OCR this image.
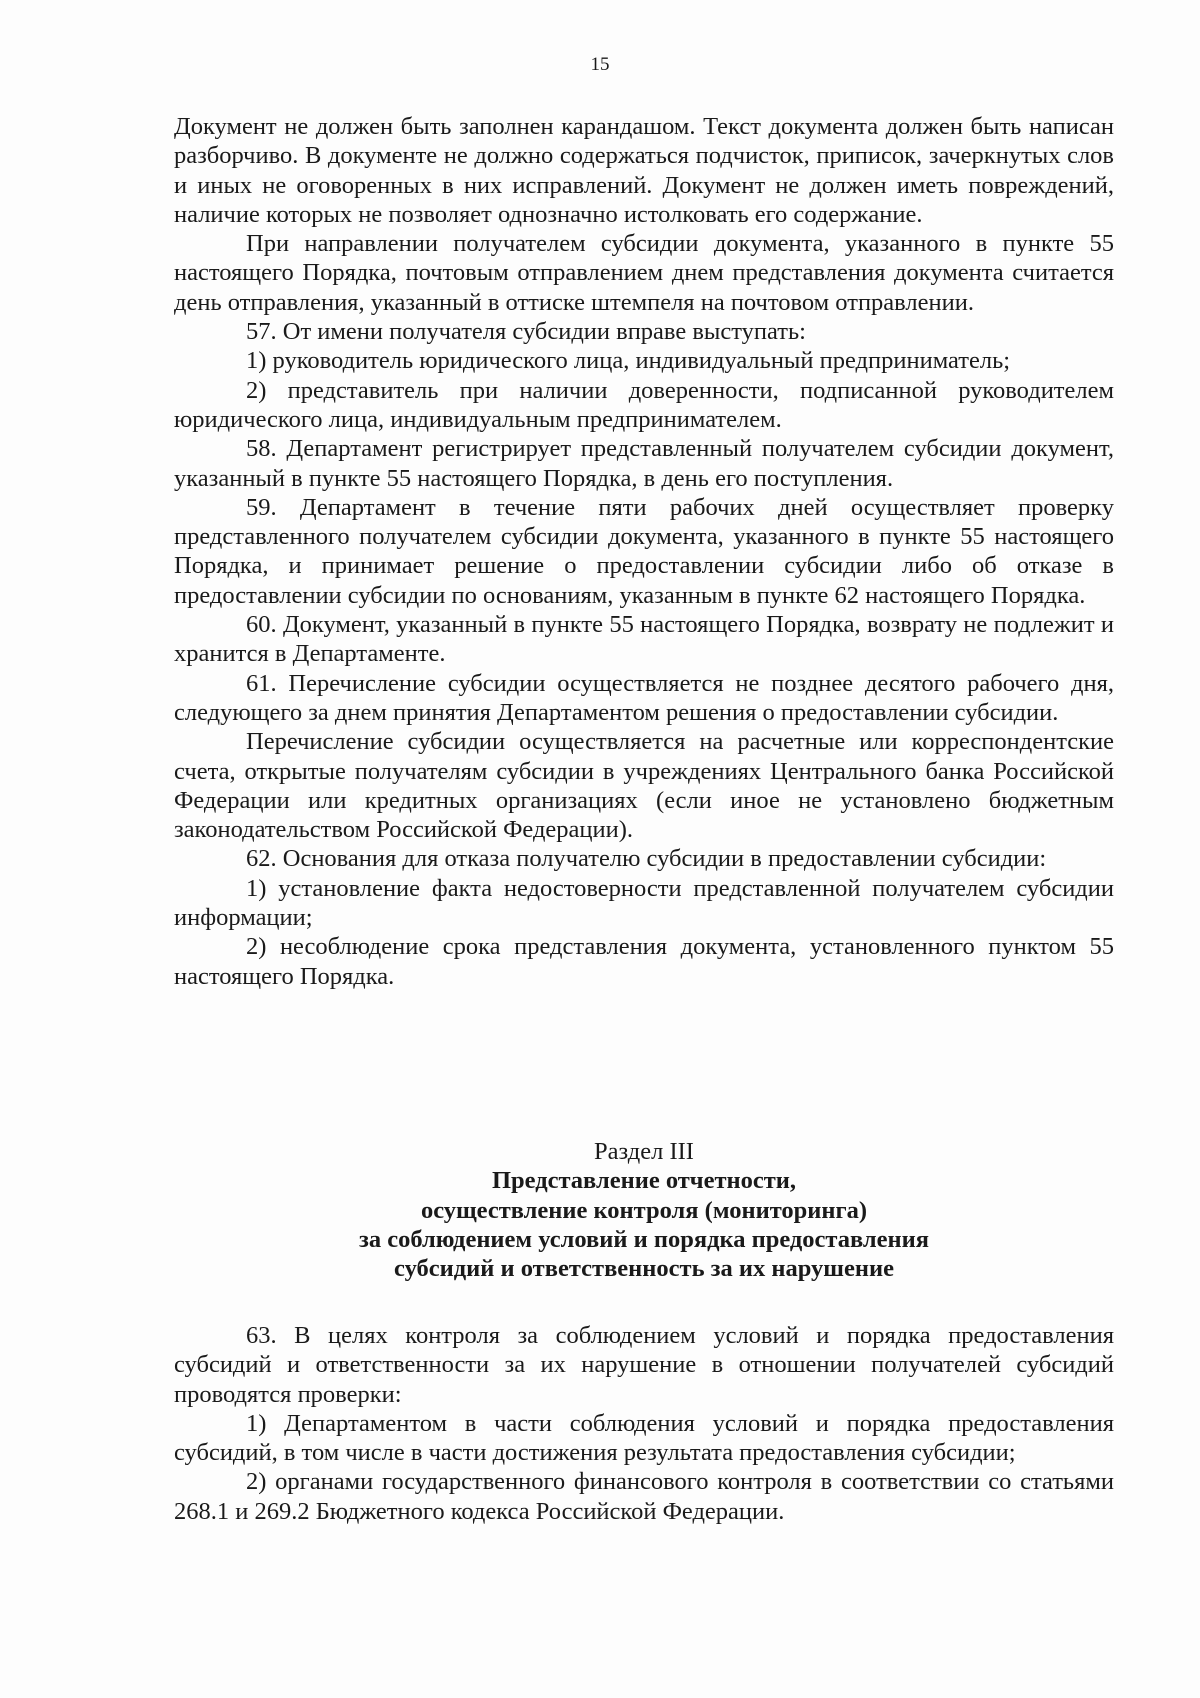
15

Документ не должен быть заполнен карандашом. Текст документа должен быть написан разборчиво. В документе не должно содержаться подчисток, приписок, зачеркнутых слов и иных не оговоренных в них исправлений. Документ не должен иметь повреждений, наличие которых не позволяет однозначно истолковать его содержание.

При направлении получателем субсидии документа, указанного в пункте 55 настоящего Порядка, почтовым отправлением днем представления документа считается день отправления, указанный в оттиске штемпеля на почтовом отправлении.

57. От имени получателя субсидии вправе выступать:

1) руководитель юридического лица, индивидуальный предприниматель;

2) представитель при наличии доверенности, подписанной руководителем юридического лица, индивидуальным предпринимателем.

58. Департамент регистрирует представленный получателем субсидии документ, указанный в пункте 55 настоящего Порядка, в день его поступления.

59. Департамент в течение пяти рабочих дней осуществляет проверку представленного получателем субсидии документа, указанного в пункте 55 настоящего Порядка, и принимает решение о предоставлении субсидии либо об отказе в предоставлении субсидии по основаниям, указанным в пункте 62 настоящего Порядка.

60. Документ, указанный в пункте 55 настоящего Порядка, возврату не подлежит и хранится в Департаменте.

61. Перечисление субсидии осуществляется не позднее десятого рабочего дня, следующего за днем принятия Департаментом решения о предоставлении субсидии.

Перечисление субсидии осуществляется на расчетные или корреспондентские счета, открытые получателям субсидии в учреждениях Центрального банка Российской Федерации или кредитных организациях (если иное не установлено бюджетным законодательством Российской Федерации).

62. Основания для отказа получателю субсидии в предоставлении субсидии:

1) установление факта недостоверности представленной получателем субсидии информации;

2) несоблюдение срока представления документа, установленного пунктом 55 настоящего Порядка.

Раздел III

Представление отчетности,

осуществление контроля (мониторинга)

за соблюдением условий и порядка предоставления

субсидий и ответственность за их нарушение

63. В целях контроля за соблюдением условий и порядка предоставления субсидий и ответственности за их нарушение в отношении получателей субсидий проводятся проверки:

1) Департаментом в части соблюдения условий и порядка предоставления субсидий, в том числе в части достижения результата предоставления субсидии;

2) органами государственного финансового контроля в соответствии со статьями 268.1 и 269.2 Бюджетного кодекса Российской Федерации.
